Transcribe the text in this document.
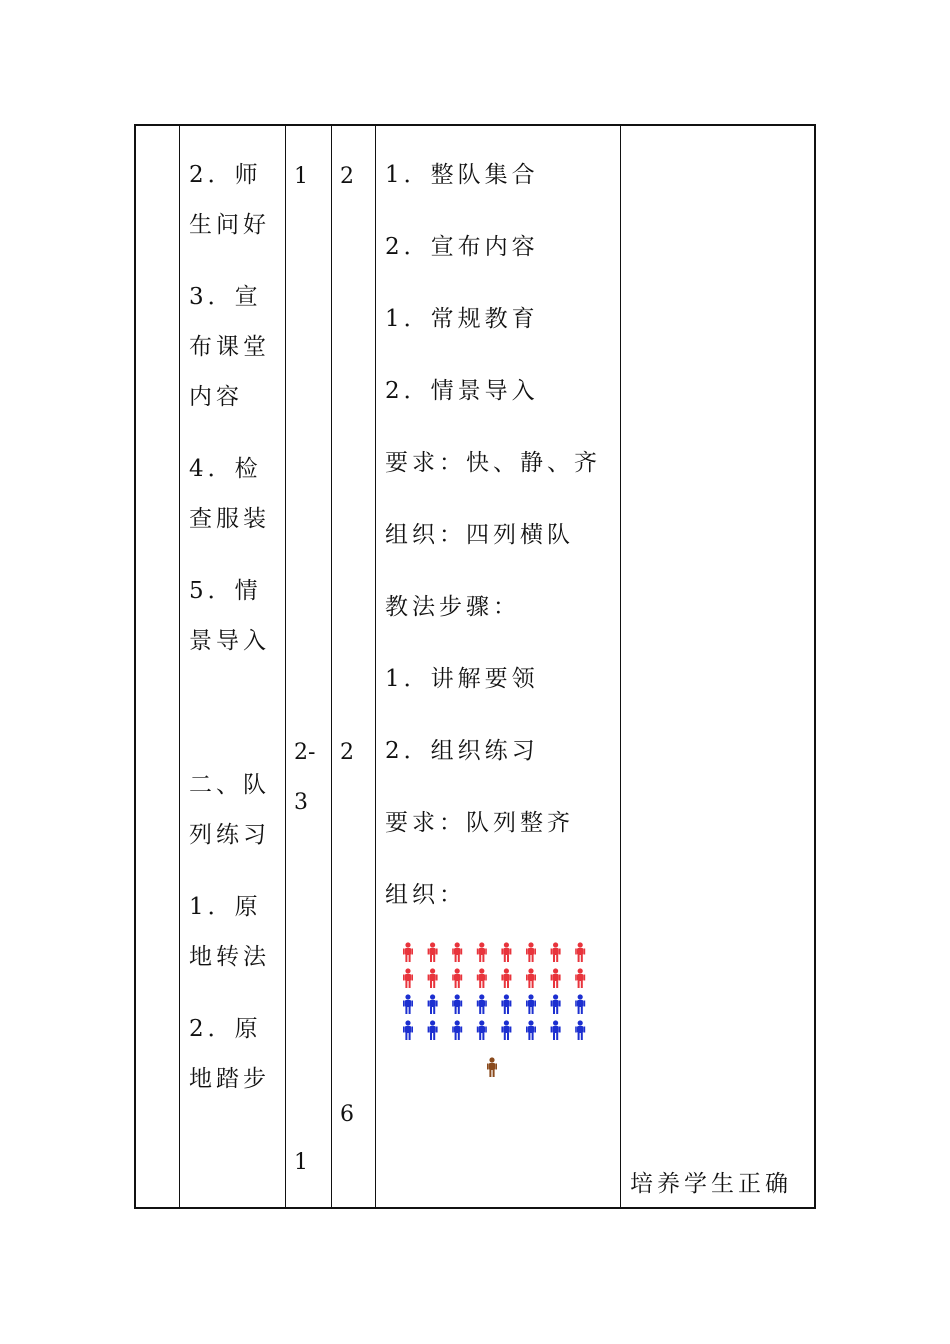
2．师
生问好
3．宣
布课堂
内容
4．检
查服装
5．情
景导入
二、队
列练习
1．原
地转法
2．原
地踏步
1
2-
3
1
2
2
6
1．整队集合
2．宣布内容
1．常规教育
2．情景导入
要求：快、静、齐
组织：四列横队
教法步骤：
1．讲解要领
2．组织练习
要求：队列整齐
组织：
培养学生正确
